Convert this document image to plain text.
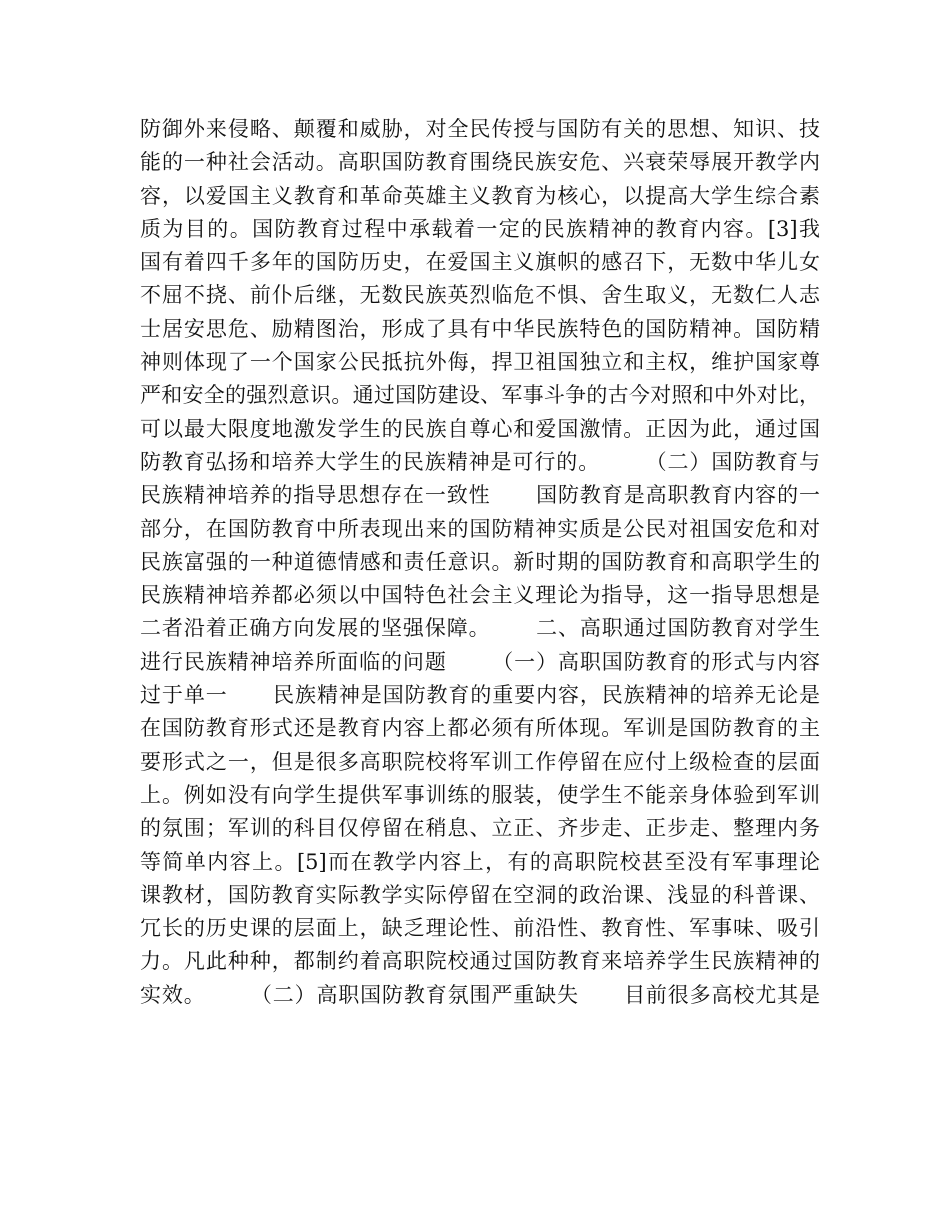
防御外来侵略、颠覆和威胁，对全民传授与国防有关的思想、知识、技
能的一种社会活动。高职国防教育围绕民族安危、兴衰荣辱展开教学内
容，以爱国主义教育和革命英雄主义教育为核心，以提高大学生综合素
质为目的。国防教育过程中承载着一定的民族精神的教育内容。[3]我
国有着四千多年的国防历史，在爱国主义旗帜的感召下，无数中华儿女
不屈不挠、前仆后继，无数民族英烈临危不惧、舍生取义，无数仁人志
士居安思危、励精图治，形成了具有中华民族特色的国防精神。国防精
神则体现了一个国家公民抵抗外侮，捍卫祖国独立和主权，维护国家尊
严和安全的强烈意识。通过国防建设、军事斗争的古今对照和中外对比，
可以最大限度地激发学生的民族自尊心和爱国激情。正因为此，通过国
防教育弘扬和培养大学生的民族精神是可行的。      （二）国防教育与
民族精神培养的指导思想存在一致性      国防教育是高职教育内容的一
部分，在国防教育中所表现出来的国防精神实质是公民对祖国安危和对
民族富强的一种道德情感和责任意识。新时期的国防教育和高职学生的
民族精神培养都必须以中国特色社会主义理论为指导，这一指导思想是
二者沿着正确方向发展的坚强保障。      二、高职通过国防教育对学生
进行民族精神培养所面临的问题      （一）高职国防教育的形式与内容
过于单一      民族精神是国防教育的重要内容，民族精神的培养无论是
在国防教育形式还是教育内容上都必须有所体现。军训是国防教育的主
要形式之一，但是很多高职院校将军训工作停留在应付上级检查的层面
上。例如没有向学生提供军事训练的服装，使学生不能亲身体验到军训
的氛围；军训的科目仅停留在稍息、立正、齐步走、正步走、整理内务
等简单内容上。[5]而在教学内容上，有的高职院校甚至没有军事理论
课教材，国防教育实际教学实际停留在空洞的政治课、浅显的科普课、
冗长的历史课的层面上，缺乏理论性、前沿性、教育性、军事味、吸引
力。凡此种种，都制约着高职院校通过国防教育来培养学生民族精神的
实效。      （二）高职国防教育氛围严重缺失      目前很多高校尤其是
